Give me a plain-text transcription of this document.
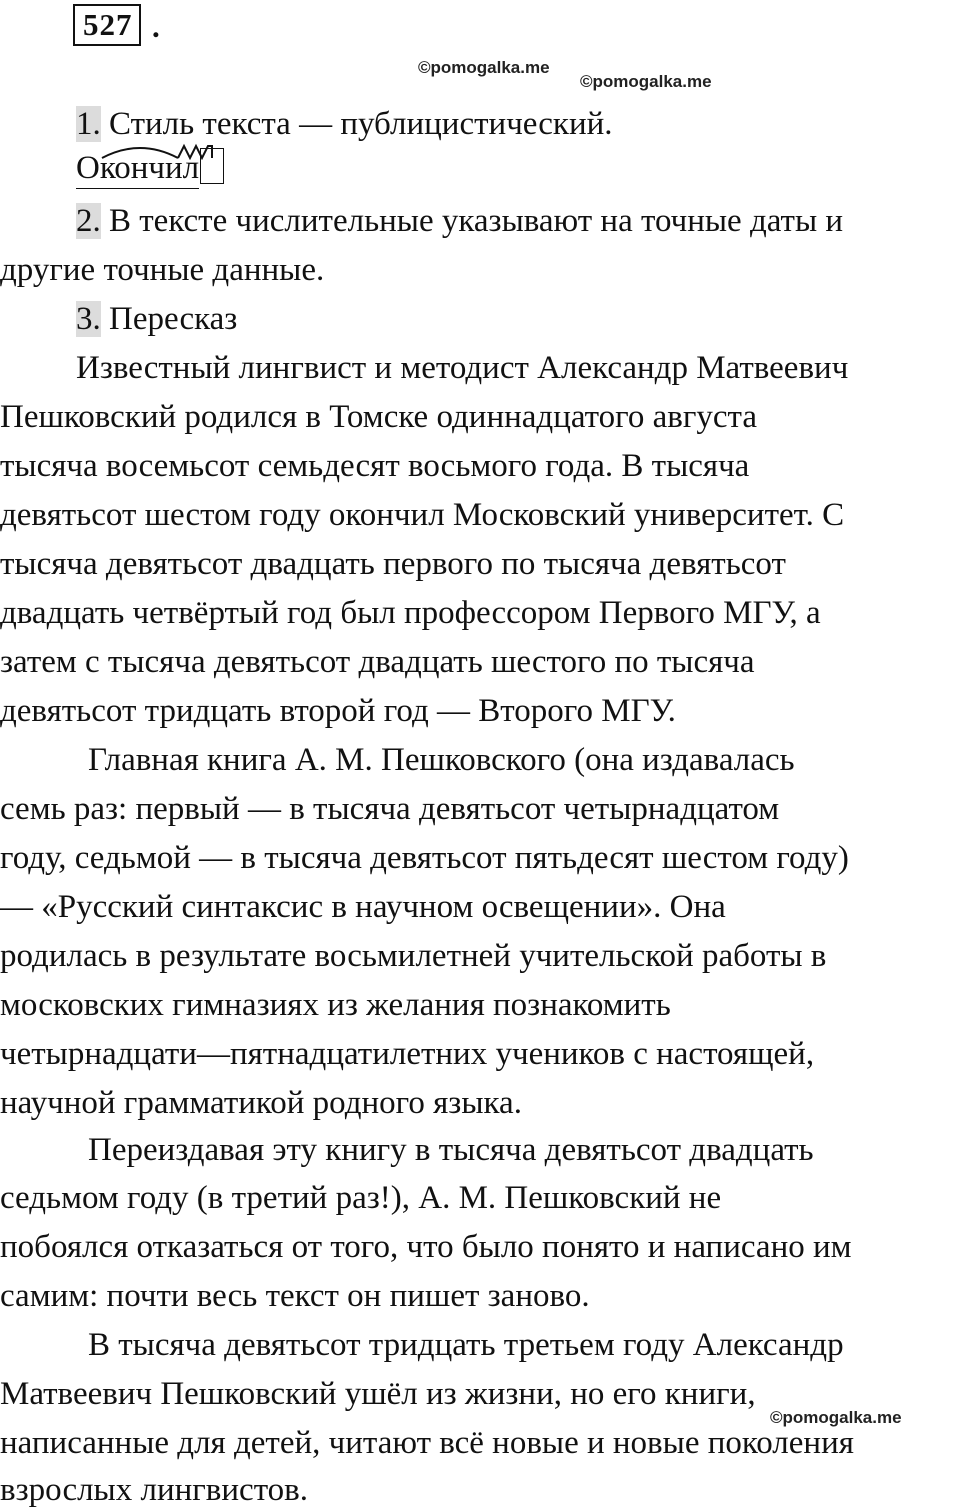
527 .
©pomogalka.me
©pomogalka.me
1. Стиль текста — публицистический.
Окончил
2. В тексте числительные указывают на точные даты и
другие точные данные.
3. Пересказ
Известный лингвист и методист Александр Матвеевич
Пешковский родился в Томске одиннадцатого августа
тысяча восемьсот семьдесят восьмого года. В тысяча
девятьсот шестом году окончил Московский университет. С
тысяча девятьсот двадцать первого по тысяча девятьсот
двадцать четвёртый год был профессором Первого МГУ, а
затем с тысяча девятьсот двадцать шестого по тысяча
девятьсот тридцать второй год — Второго МГУ.
Главная книга А. М. Пешковского (она издавалась
семь раз: первый — в тысяча девятьсот четырнадцатом
году, седьмой — в тысяча девятьсот пятьдесят шестом году)
— «Русский синтаксис в научном освещении». Она
родилась в результате восьмилетней учительской работы в
московских гимназиях из желания познакомить
четырнадцати—пятнадцатилетних учеников с настоящей,
научной грамматикой родного языка.
Переиздавая эту книгу в тысяча девятьсот двадцать
седьмом году (в третий раз!), А. М. Пешковский не
побоялся отказаться от того, что было понято и написано им
самим: почти весь текст он пишет заново.
В тысяча девятьсот тридцать третьем году Александр
Матвеевич Пешковский ушёл из жизни, но его книги,
©pomogalka.me
написанные для детей, читают всё новые и новые поколения
взрослых лингвистов.
